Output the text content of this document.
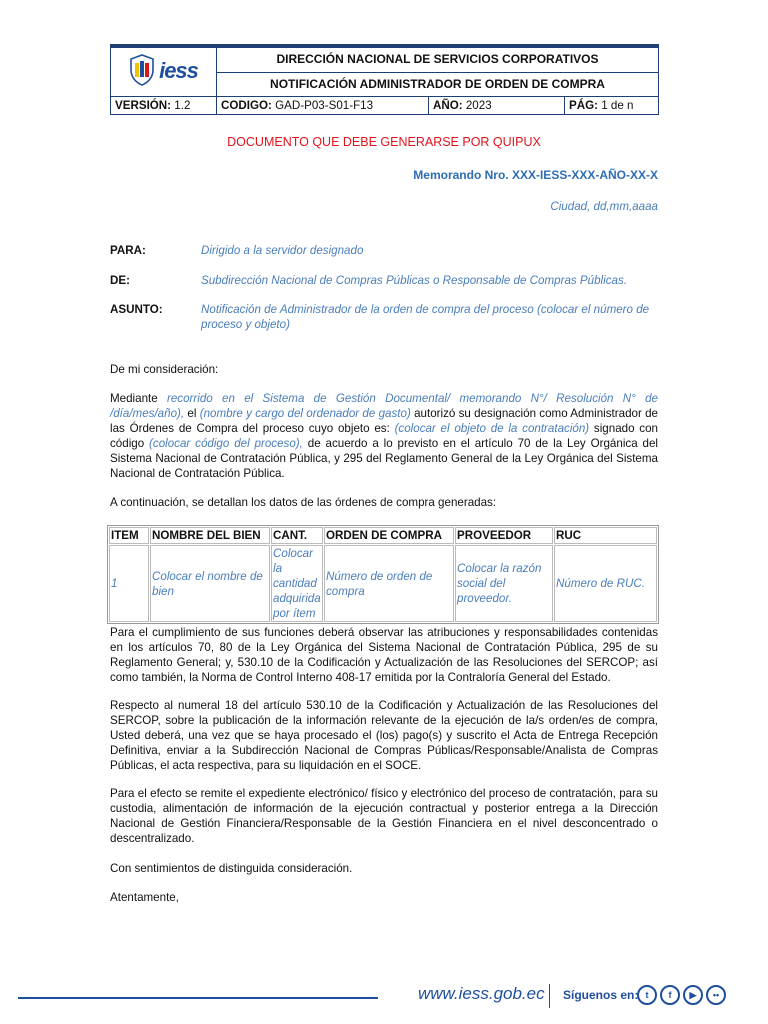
iess	DIRECCIÓN NACIONAL DE SERVICIOS CORPORATIVOS		
	NOTIFICACIÓN ADMINISTRADOR DE ORDEN DE COMPRA		
VERSIÓN: 1.2	CODIGO: GAD-P03-S01-F13	AÑO: 2023	PÁG: 1 de n
DOCUMENTO QUE DEBE GENERARSE POR QUIPUX
Memorando Nro. XXX-IESS-XXX-AÑO-XX-X
Ciudad, dd,mm,aaaa
PARA:	Dirigido a la servidor designado
DE:	Subdirección Nacional de Compras Públicas o Responsable de Compras Públicas.
ASUNTO:	Notificación de Administrador de la orden de compra del proceso (colocar el número de proceso y objeto)
De mi consideración:
Mediante recorrido en el Sistema de Gestión Documental/ memorando N°/ Resolución N° de /día/mes/año), el (nombre y cargo del ordenador de gasto) autorizó su designación como Administrador de las Órdenes de Compra del proceso cuyo objeto es: (colocar el objeto de la contratación) signado con código (colocar código del proceso), de acuerdo a lo previsto en el artículo 70 de la Ley Orgánica del Sistema Nacional de Contratación Pública, y 295 del Reglamento General de la Ley Orgánica del Sistema Nacional de Contratación Pública.
A continuación, se detallan los datos de las órdenes de compra generadas:
ITEM	NOMBRE DEL BIEN	CANT.	ORDEN DE COMPRA	PROVEEDOR	RUC
1	Colocar el nombre de bien	Colocar la cantidad adquirida por ítem	Número de orden de compra	Colocar la razón social del proveedor.	Número de RUC.
Para el cumplimiento de sus funciones deberá observar las atribuciones y responsabilidades contenidas en los artículos 70, 80 de la Ley Orgánica del Sistema Nacional de Contratación Pública, 295 de su Reglamento General; y, 530.10 de la Codificación y Actualización de las Resoluciones del SERCOP; así como también, la Norma de Control Interno 408-17 emitida por la Contraloría General del Estado.
Respecto al numeral 18 del artículo 530.10 de la Codificación y Actualización de las Resoluciones del SERCOP, sobre la publicación de la información relevante de la ejecución de la/s orden/es de compra, Usted deberá, una vez que se haya procesado el (los) pago(s) y suscrito el Acta de Entrega Recepción Definitiva, enviar a la Subdirección Nacional de Compras Públicas/Responsable/Analista de Compras Públicas, el acta respectiva, para su liquidación en el SOCE.
Para el efecto se remite el expediente electrónico/ físico y electrónico del proceso de contratación, para su custodia, alimentación de información de la ejecución contractual y posterior entrega a la Dirección Nacional de Gestión Financiera/Responsable de la Gestión Financiera en el nivel desconcentrado o descentralizado.
Con sentimientos de distinguida consideración.
Atentamente,
www.iess.gob.ec Síguenos en: t	f	▶	••
